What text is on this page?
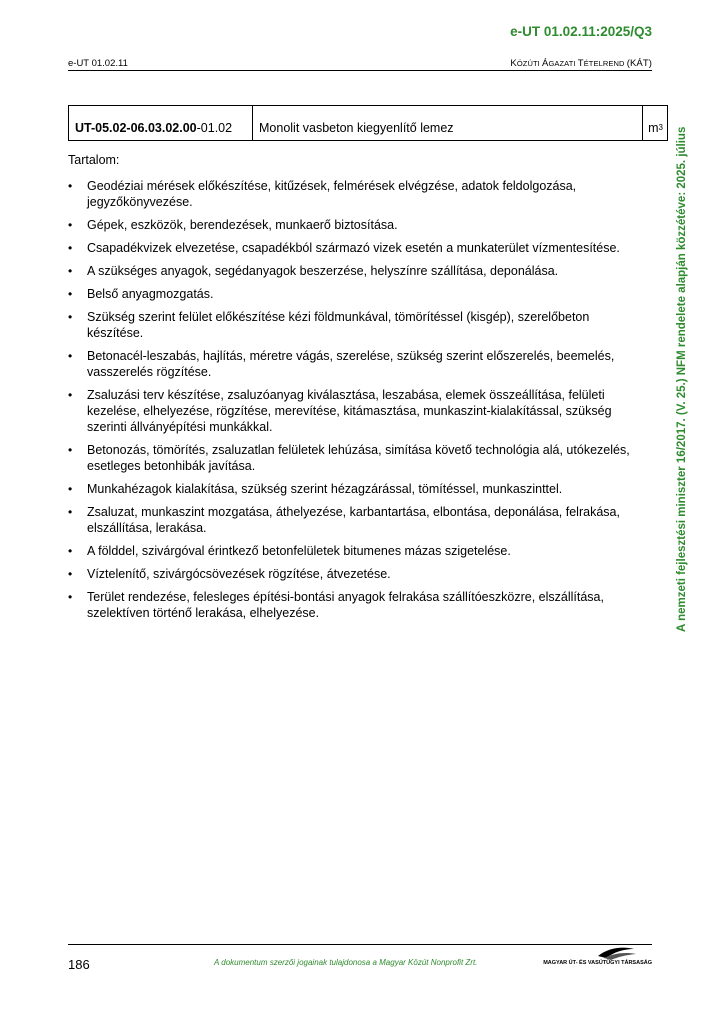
e-UT 01.02.11:2025/Q3
e-UT 01.02.11	KÖZÚTI ÁGAZATI TÉTELREND (KÁT)
A nemzeti fejlesztési miniszter 16/2017. (V. 25.) NFM rendelete alapján közzétéve: 2025. július
UT-05.02-06.03.02.00 -01.02	Monolit vasbeton kiegyenlítő lemez	m 3
Tartalom:
• Geodéziai mérések előkészítése, kitűzések, felmérések elvégzése, adatok feldolgozása, jegyzőkönyvezése.
• Gépek, eszközök, berendezések, munkaerő biztosítása.
• Csapadékvizek elvezetése, csapadékból származó vizek esetén a munkaterület vízmentesítése.
• A szükséges anyagok, segédanyagok beszerzése, helyszínre szállítása, deponálása.
• Belső anyagmozgatás.
• Szükség szerint felület előkészítése kézi földmunkával, tömörítéssel (kisgép), szerelőbeton készítése.
• Betonacél-leszabás, hajlítás, méretre vágás, szerelése, szükség szerint előszerelés, beemelés, vasszerelés rögzítése.
• Zsaluzási terv készítése, zsaluzóanyag kiválasztása, leszabása, elemek összeállítása, felületi kezelése, elhelyezése, rögzítése, merevítése, kitámasztása, munkaszint-kialakítással, szükség szerinti állványépítési munkákkal.
• Betonozás, tömörítés, zsaluzatlan felületek lehúzása, simítása követő technológia alá, utókezelés, esetleges betonhibák javítása.
• Munkahézagok kialakítása, szükség szerint hézagzárással, tömítéssel, munkaszinttel.
• Zsaluzat, munkaszint mozgatása, áthelyezése, karbantartása, elbontása, deponálása, felrakása, elszállítása, lerakása.
• A földdel, szivárgóval érintkező betonfelületek bitumenes mázas szigetelése.
• Víztelenítő, szivárgócsövezések rögzítése, átvezetése.
• Terület rendezése, felesleges építési-bontási anyagok felrakása szállítóeszközre, elszállítása, szelektíven történő lerakása, elhelyezése.
186	A dokumentum szerzői jogainak tulajdonosa a Magyar Közút Nonprofit Zrt.	MAGYAR ÚT- ÉS VASÚTÜGYI TÁRSASÁG
